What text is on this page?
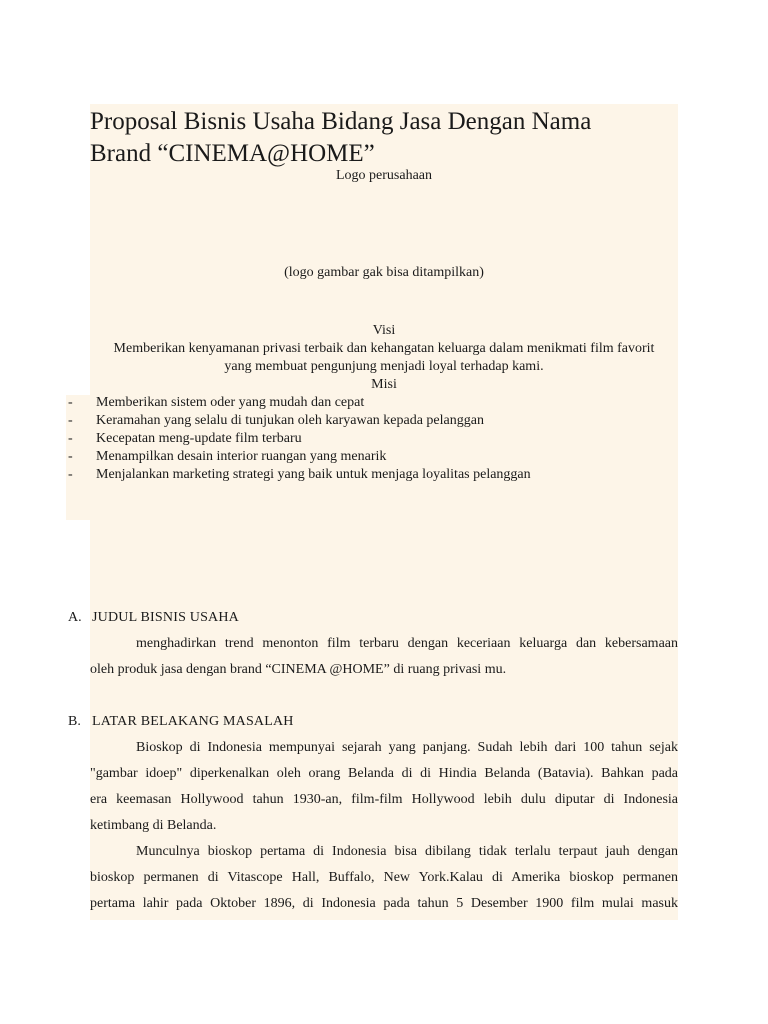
Proposal Bisnis Usaha Bidang Jasa Dengan Nama
Brand “CINEMA@HOME”
Logo perusahaan
(logo gambar gak bisa ditampilkan)
Visi
Memberikan kenyamanan privasi terbaik dan kehangatan keluarga dalam menikmati film favorit
yang membuat pengunjung menjadi loyal terhadap kami.
Misi
- Memberikan sistem oder yang mudah dan cepat
- Keramahan yang selalu di tunjukan oleh karyawan kepada pelanggan
- Kecepatan meng-update film terbaru
- Menampilkan desain interior ruangan yang menarik
- Menjalankan marketing strategi yang baik untuk menjaga loyalitas pelanggan
A. JUDUL BISNIS USAHA
menghadirkan trend menonton film terbaru dengan keceriaan keluarga dan kebersamaan
oleh produk jasa dengan brand “CINEMA @HOME” di ruang privasi mu.
B. LATAR BELAKANG MASALAH
Bioskop di Indonesia mempunyai sejarah yang panjang. Sudah lebih dari 100 tahun sejak
"gambar idoep" diperkenalkan oleh orang Belanda di di Hindia Belanda (Batavia). Bahkan pada
era keemasan Hollywood tahun 1930-an, film-film Hollywood lebih dulu diputar di Indonesia
ketimbang di Belanda.
Munculnya bioskop pertama di Indonesia bisa dibilang tidak terlalu terpaut jauh dengan
bioskop permanen di Vitascope Hall, Buffalo, New York.Kalau di Amerika bioskop permanen
pertama lahir pada Oktober 1896, di Indonesia pada tahun 5 Desember 1900 film mulai masuk
